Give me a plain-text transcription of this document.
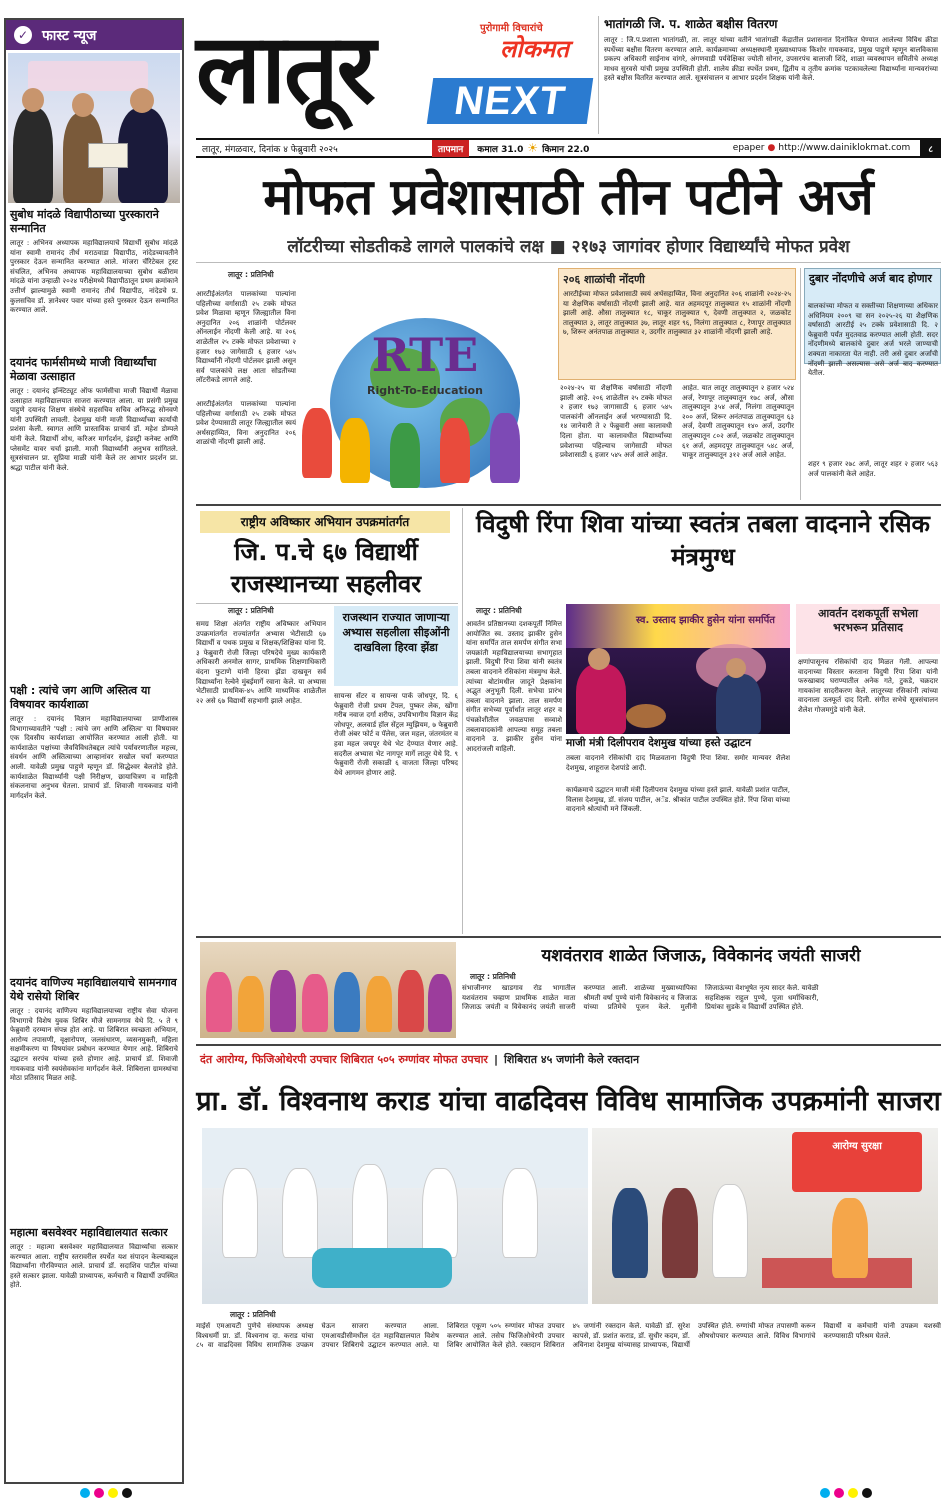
✓ फास्ट न्यूज
सुबोध मांदळे विद्यापीठाच्या पुरस्काराने सन्मानित
लातूर : अभिनव अध्यापक महाविद्यालयाचे विद्यार्थी सुबोध मांदळे यांना स्वामी रामानंद तीर्थ मराठवाडा विद्यापीठ, नांदेडच्यावतीने पुरस्कार देऊन सन्मानित करण्यात आले. मांजरा चॅरिटेबल ट्रस्ट संचलित, अभिनव अध्यापक महाविद्यालयाच्या सुबोध बळीराम मांदळे यांना उन्हाळी २०२४ परीक्षेमध्ये विद्यापीठातून प्रथम क्रमांकाने उत्तीर्ण झाल्यामुळे स्वामी रामानंद तीर्थ विद्यापीठ, नांदेडचे प्र. कुलसचिव डॉ. ज्ञानेश्वर पवार यांच्या हस्ते पुरस्कार देऊन सन्मानित करण्यात आले.
दयानंद फार्मसीमध्ये माजी विद्यार्थ्यांचा मेळावा उत्साहात
लातूर : दयानंद इन्स्टिट्यूट ऑफ फार्मसीचा माजी विद्यार्थी मेळावा उत्साहात महाविद्यालयात साजरा करण्यात आला. या प्रसंगी प्रमुख पाहुणे दयानंद शिक्षण संस्थेचे सहसचिव सचिव अनिरुद्ध सोनवणे यांनी उपस्थिती लावली. देशमुख यांनी माजी विद्यार्थ्यांच्या कार्याची प्रशंसा केली. स्वागत आणि प्रास्ताविक प्राचार्य डॉ. महेश डोम्पले यांनी केले. विद्यार्थी शोध, करिअर मार्गदर्शन, इंडस्ट्री कनेक्ट आणि प्लेसमेंट यावर चर्चा झाली. माजी विद्यार्थ्यांनी अनुभव सांगितले. सूत्रसंचालन प्रा. सुप्रिया माळी यांनी केले तर आभार प्रदर्शन प्रा. श्रद्धा पाटील यांनी केले.
पक्षी : त्यांचे जग आणि अस्तित्व या विषयावर कार्यशाळा
लातूर : दयानंद विज्ञान महाविद्यालयाच्या प्राणीशास्त्र विभागाच्यावतीने 'पक्षी : त्यांचे जग आणि अस्तित्व' या विषयावर एक दिवसीय कार्यशाळा आयोजित करण्यात आली होती. या कार्यशाळेत पक्षांच्या जैवविविधतेबद्दल त्यांचे पर्यावरणातील महत्त्व, संवर्धन आणि अस्तित्वाच्या आव्हानांवर सखोल चर्चा करण्यात आली. यावेळी प्रमुख पाहुणे म्हणून डॉ. सिद्धेश्वर बेलतोडे होते. कार्यशाळेत विद्यार्थ्यांनी पक्षी निरीक्षण, छायाचित्रण व माहिती संकलनाचा अनुभव घेतला. प्राचार्य डॉ. शिवाजी गायकवाड यांनी मार्गदर्शन केले.
दयानंद वाणिज्य महाविद्यालयाचे सामनगाव येथे रासेयो शिबिर
लातूर : दयानंद वाणिज्य महाविद्यालयाच्या राष्ट्रीय सेवा योजना विभागाचे विशेष युवक शिबिर मौजे सामनगाव येथे दि. ५ ते ९ फेब्रुवारी दरम्यान संपन्न होत आहे. या शिबिरात स्वच्छता अभियान, आरोग्य तपासणी, वृक्षारोपण, जलसंधारण, व्यसनमुक्ती, महिला सक्षमीकरण या विषयांवर प्रबोधन करण्यात येणार आहे. शिबिराचे उद्घाटन सरपंच यांच्या हस्ते होणार आहे. प्राचार्य डॉ. शिवाजी गायकवाड यांनी स्वयंसेवकांना मार्गदर्शन केले. शिबिराला ग्रामस्थांचा मोठा प्रतिसाद मिळत आहे.
महात्मा बसवेश्वर महाविद्यालयात सत्कार
लातूर : महात्मा बसवेश्वर महाविद्यालयात विद्यार्थ्यांचा सत्कार करण्यात आला. राष्ट्रीय स्तरावरील स्पर्धेत यश संपादन केल्याबद्दल विद्यार्थ्यांना गौरविण्यात आले. प्राचार्य डॉ. सदाशिव पाटील यांच्या हस्ते सत्कार झाला. यावेळी प्राध्यापक, कर्मचारी व विद्यार्थी उपस्थित होते.
लातूर	पुरोगामी विचारांचे
लोकमत
NEXT
भातांगळी जि. प. शाळेत बक्षीस वितरण
लातूर : जि.प.प्रशाला भातांगळी, ता. लातूर यांच्या वतीने भातांगळी केंद्रातील प्रशासनात दिनांकित घेण्यात आलेल्या विविध क्रीडा स्पर्धेच्या बक्षीस वितरण करण्यात आले. कार्यक्रमाच्या अध्यक्षस्थानी मुख्याध्यापक किशोर गायकवाड, प्रमुख पाहुणे म्हणून बालविकास प्रकल्प अधिकारी साईनाथ वांगरे, अंगणवाडी पर्यवेक्षिका ज्योती सोनार, उपसरपंच बालाजी शिंदे, शाळा व्यवस्थापन समितीचे अध्यक्ष माधव सुरवसे यांची प्रमुख उपस्थिती होती. शालेय क्रीडा स्पर्धेत प्रथम, द्वितीय व तृतीय क्रमांक पटकावलेल्या विद्यार्थ्यांना मान्यवरांच्या हस्ते बक्षीस वितरित करण्यात आले. सूत्रसंचालन व आभार प्रदर्शन शिक्षक यांनी केले.
लातूर, मंगळवार, दिनांक ४ फेब्रुवारी २०२५	तापमान	कमाल 31.0 ☀ किमान 22.0	epaper ● http://www.dainiklokmat.com	८
मोफत प्रवेशासाठी तीन पटीने अर्ज
लॉटरीच्या सोडतीकडे लागले पालकांचे लक्ष ■ २१७३ जागांवर होणार विद्यार्थ्यांचे मोफत प्रवेश
लातूर : प्रतिनिधी
आरटीईअंतर्गत पालकांच्या पाल्यांना पहिलीच्या वर्गासाठी २५ टक्के मोफत प्रवेश मिळावा म्हणून जिल्ह्यातील विना अनुदानित २०६ शाळांनी पोर्टलवर ऑनलाईन नोंदणी केली आहे. या २०६ शाळेतील २५ टक्के मोफत प्रवेशाच्या २ हजार १७३ जागेसाठी ६ हजार ५४५ विद्यार्थ्यांनी नोंदणी पोर्टलवर झाली असून सर्व पालकांचे लक्ष आता सोडतीच्या लॉटरीकडे लागले आहे.
आरटीईअंतर्गत पालकांच्या पाल्यांना पहिलीच्या वर्गासाठी २५ टक्के मोफत प्रवेश देण्यासाठी लातूर जिल्ह्यातील स्वयं अर्थसहाय्यित, विना अनुदानित २०६ शाळांची नोंदणी झाली आहे.
RTE
Right-To-Education
२०६ शाळांची नोंदणी
आरटीईच्या मोफत प्रवेशासाठी स्वयं अर्थसहाय्यित, विना अनुदानित २०६ शाळांनी २०२४-२५ या शैक्षणिक वर्षासाठी नोंदणी झाली आहे. यात अहमदपूर तालुक्यात १५ शाळांनी नोंदणी झाली आहे. औसा तालुक्यात १८, चाकूर तालुक्यात ९, देवणी तालुक्यात २, जळकोट तालुक्यात ३, लातूर तालुक्यात ३७, लातूर शहर ९६, निलंगा तालुक्यात ८, रेणापूर तालुक्यात ७, शिरूर अनंतपाळ तालुक्यात २, उदगीर तालुक्यात ३२ शाळांनी नोंदणी झाली आहे.
२०२४-२५ या शैक्षणिक वर्षासाठी नोंदणी झाली आहे. २०६ शाळेतील २५ टक्के मोफत २ हजार १७३ जागासाठी ६ हजार ५४५ पालकांनी ऑनलाईन अर्ज भरण्यासाठी दि. १४ जानेवारी ते २ फेब्रुवारी असा कालावधी दिला होता. या कालावधीत विद्यार्थ्यांच्या प्रवेशाच्या पहिल्याच जागेसाठी मोफत प्रवेशासाठी ६ हजार ५४५ अर्ज आले आहेत.
आहेत. यात लातूर तालुक्यातून २ हजार ५२४ अर्ज, रेणापूर तालुक्यातून १७८ अर्ज, औसा तालुक्यातून ३५४ अर्ज, निलंगा तालुक्यातून २०० अर्ज, शिरूर अनंतपाळ तालुक्यातून ६३ अर्ज, देवणी तालुक्यातून १४० अर्ज, उदगीर तालुक्यातून ८०२ अर्ज, जळकोट तालुक्यातून ६१ अर्ज, अहमदपूर तालुक्यातून ५४८ अर्ज, चाकूर तालुक्यातून ३१२ अर्ज आले आहेत.
दुबार नोंदणीचे अर्ज बाद होणार
बालकांच्या मोफत व सक्तीच्या शिक्षणाच्या अधिकार अधिनियम २००९ चा सन २०२५-२६ या शैक्षणिक वर्षासाठी आरटीई २५ टक्के प्रवेशासाठी दि. २ फेब्रुवारी पर्यंत मुदतवाढ करण्यात आली होती. सदर नोंदणीमध्ये बालकांचे दुबार अर्ज भरले जाण्याची शक्यता नाकारता येत नाही. तरी असे दुबार अर्जांची नोंदणी झाली असल्यास असे अर्ज बाद करण्यात येतील.
शहर ९ हजार २७८ अर्ज, लातूर शहर २ हजार ५६३ अर्ज पालकांनी केले आहेत.
राष्ट्रीय अविष्कार अभियान उपक्रमांतर्गत
जि. प.चे ६७ विद्यार्थी राजस्थानच्या सहलीवर
लातूर : प्रतिनिधी
समग्र शिक्षा अंतर्गत राष्ट्रीय अविष्कार अभियान उपक्रमांतर्गत राज्यांतर्गत अभ्यास भेटीसाठी ६७ विद्यार्थी व पथक प्रमुख व शिक्षक/शिक्षिका यांना दि. ३ फेब्रुवारी रोजी जिल्हा परिषदेचे मुख्य कार्यकारी अधिकारी अनमोल सागर, प्राथमिक शिक्षणाधिकारी वंदना फुटाणे यांनी हिरवा झेंडा दाखवून सर्व विद्यार्थ्यांना रेल्वेने मुंबईमार्गे रवाना केले. या अभ्यास भेटीसाठी प्राथमिक-४५ आणि माध्यमिक शाळेतील २२ असे ६७ विद्यार्थी सहभागी झाले आहेत.
राजस्थान राज्यात जाणाऱ्या अभ्यास सहलीला सीइओंनी दाखविला हिरवा झेंडा
सायन्स सेंटर व सायन्स पार्क जोधपूर, दि. ६ फेब्रुवारी रोजी प्रथम टेंपल, पुष्कर लेक, खोंगा गरीब नवाज दर्गा शरीफ, उपविभागीय विज्ञान केंद्र जोधपूर, अलवार्ड हॉल सेंट्रल म्युझियम, ७ फेब्रुवारी रोजी अंबर फोर्ट व पॅलेस, जल महल, जंतरमंतर व हवा महल जयपूर येथे भेट देण्यात येणार आहे. सदरील अभ्यास भेट नागपूर मार्गे लातूर येथे दि. ९ फेब्रुवारी रोजी सकाळी ६ वाजता जिल्हा परिषद येथे आगमन होणार आहे.
विदुषी रिंपा शिवा यांच्या स्वतंत्र तबला वादनाने रसिक मंत्रमुग्ध
लातूर : प्रतिनिधी
आवर्तन प्रतिष्ठानच्या दशकपूर्ती निमित्त आयोजित स्व. उस्ताद झाकीर हुसेन यांना समर्पित ताल समर्पण संगीत सभा जयक्रांती महाविद्यालयाच्या सभागृहात झाली. विदुषी रिंपा शिवा यांनी स्वतंत्र तबला वादनाने रसिकांना मंत्रमुग्ध केले. त्यांच्या बोटांमधील जादूने प्रेक्षकांना अद्भुत अनुभूती दिली. सभेचा प्रारंभ तबला वादनाने झाला. ताल समर्पण संगीत सभेच्या पूर्वार्धात लातूर शहर व पंचक्रोशीतील जवळपास सव्वाशे तबलावादकांनी आपल्या समूह तबला वादनाने उ. झाकीर हुसेन यांना आदरांजली वाहिली.
स्व. उस्ताद झाकीर हुसेन यांना समर्पित
माजी मंत्री दिलीपराव देशमुख यांच्या हस्ते उद्घाटन
तबला वादनाने रसिकांची दाद मिळवताना विदुषी रिंपा शिवा. समोर मान्यवर शैलेश देशमुख, शाहूराज देशपांडे आदी.
कार्यक्रमाचे उद्घाटन माजी मंत्री दिलीपराव देशमुख यांच्या हस्ते झाले. यावेळी प्रशांत पाटील, विलास देशमुख, डॉ. संजय पाटील, अॅड. श्रीकांत पाटील उपस्थित होते. रिंपा शिवा यांच्या वादनाने श्रोत्यांची मने जिंकली.
आवर्तन दशकपूर्ती सभेला भरभरून प्रतिसाद
क्षणांपासूनच रसिकांची दाद मिळत गेली. आपल्या वादनाच्या विस्तार करताना विदुषी रिंपा शिवा यांनी फरुखाबाद घराण्यातील अनेक गते, टुकडे, चक्रदार गायकांना सादरीकरण केले. लातूरच्या रसिकांनी त्यांच्या वादनाला उत्स्फूर्त दाद दिली. संगीत सभेचे सूत्रसंचालन शैलेश गोजमगुंडे यांनी केले.
यशवंतराव शाळेत जिजाऊ, विवेकानंद जयंती साजरी
लातूर : प्रतिनिधी
संभाजीनगर खाडगाव रोड भागातील यशवंतराव चव्हाण प्राथमिक शाळेत माता जिजाऊ जयंती व विवेकानंद जयंती साजरी करण्यात आली. शाळेच्या मुख्याध्यापिका श्रीमती वर्षा पुण्ये यांनी विवेकानंद व जिजाऊ यांच्या प्रतिमेचे पूजन केले. मुलींनी जिजाऊंच्या वेशभूषेत नृत्य सादर केले. यावेळी सहशिक्षक राहुल पुण्ये, पूजा धर्माधिकारी, प्रियांका सुडके व विद्यार्थी उपस्थित होते.
दंत आरोग्य, फिजिओथेरपी उपचार शिबिरात ५०५ रुग्णांवर मोफत उपचार | शिबिरात ४५ जणांनी केले रक्तदान
प्रा. डॉ. विश्वनाथ कराड यांचा वाढदिवस विविध सामाजिक उपक्रमांनी साजरा
आरोग्य सुरक्षा
लातूर : प्रतिनिधी
माईर्स एमआयटी पुणेचे संस्थापक अध्यक्ष विश्वधर्मी प्रा. डॉ. विश्वनाथ दा. कराड यांचा ८५ वा वाढदिवस विविध सामाजिक उपक्रम घेऊन साजरा करण्यात आला. एमआयडीसीमधील दंत महाविद्यालयात विशेष उपचार शिबिराचे उद्घाटन करण्यात आले. या शिबिरात एकूण ५०५ रुग्णांवर मोफत उपचार करण्यात आले. तसेच फिजिओथेरपी उपचार शिबिर आयोजित केले होते. रक्तदान शिबिरात ४५ जणांनी रक्तदान केले. यावेळी डॉ. सुरेश कापसे, डॉ. प्रशांत कराड, डॉ. सुधीर कदम, डॉ. अविनाश देशमुख यांच्यासह प्राध्यापक, विद्यार्थी उपस्थित होते. रुग्णांची मोफत तपासणी करून औषधोपचार करण्यात आले. विविध विभागांचे विद्यार्थी व कर्मचारी यांनी उपक्रम यशस्वी करण्यासाठी परिश्रम घेतले.
